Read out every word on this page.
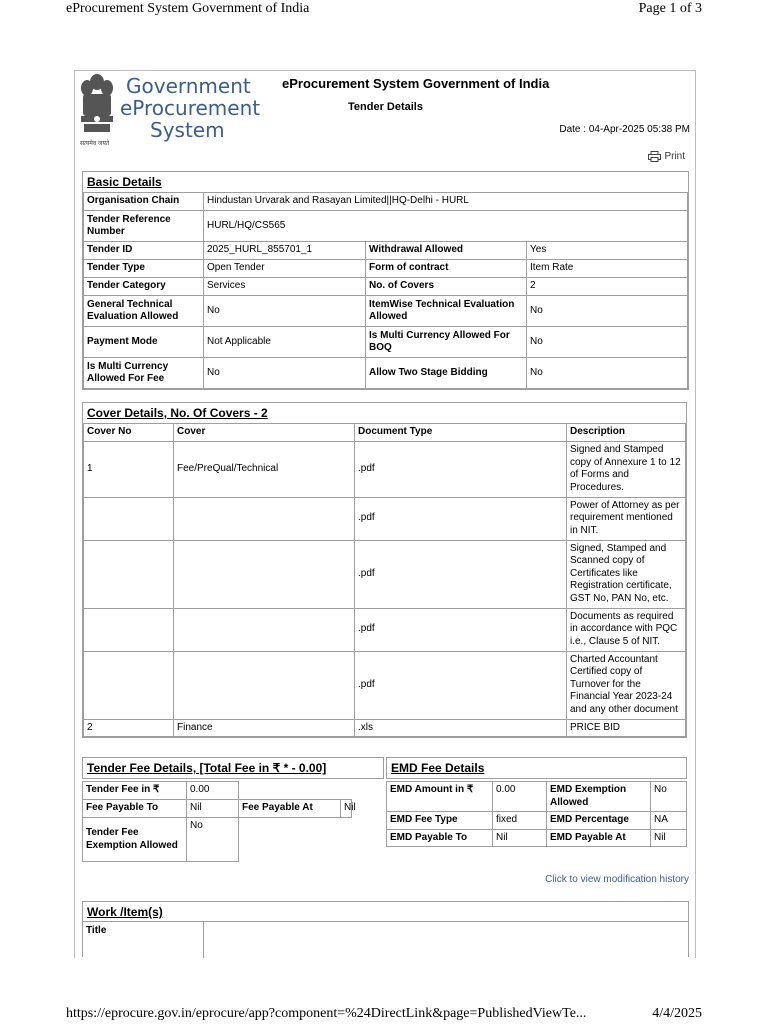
eProcurement System Government of India	Page 1 of 3
Government
eProcurement
System
सत्यमेव जयते
eProcurement System Government of India
Tender Details
Date : 04-Apr-2025 05:38 PM
Print
Basic Details
Organisation Chain	Hindustan Urvarak and Rasayan Limited||HQ-Delhi - HURL		
Tender Reference Number	HURL/HQ/CS565		
Tender ID	2025_HURL_855701_1	Withdrawal Allowed	Yes
Tender Type	Open Tender	Form of contract	Item Rate
Tender Category	Services	No. of Covers	2
General Technical Evaluation Allowed	No	ItemWise Technical Evaluation Allowed	No
Payment Mode	Not Applicable	Is Multi Currency Allowed For BOQ	No
Is Multi Currency Allowed For Fee	No	Allow Two Stage Bidding	No
Cover Details, No. Of Covers - 2
Cover No	Cover	Document Type	Description
1	Fee/PreQual/Technical	.pdf	Signed and Stamped copy of Annexure 1 to 12 of Forms and Procedures.
		.pdf	Power of Attorney as per requirement mentioned in NIT.
		.pdf	Signed, Stamped and Scanned copy of Certificates like Registration certificate, GST No, PAN No, etc.
		.pdf	Documents as required in accordance with PQC i.e., Clause 5 of NIT.
		.pdf	Charted Accountant Certified copy of Turnover for the Financial Year 2023-24 and any other document
2	Finance	.xls	PRICE BID
Tender Fee Details, [Total Fee in ₹ * - 0.00]
Tender Fee in ₹	0.00		
Fee Payable To	Nil	Fee Payable At	Nil
Tender Fee Exemption Allowed	No		
EMD Fee Details
EMD Amount in ₹	0.00	EMD Exemption Allowed	No
EMD Fee Type	fixed	EMD Percentage	NA
EMD Payable To	Nil	EMD Payable At	Nil
Click to view modification history
Work /Item(s)
Title
https://eprocure.gov.in/eprocure/app?component=%24DirectLink&page=PublishedViewTe...	4/4/2025
